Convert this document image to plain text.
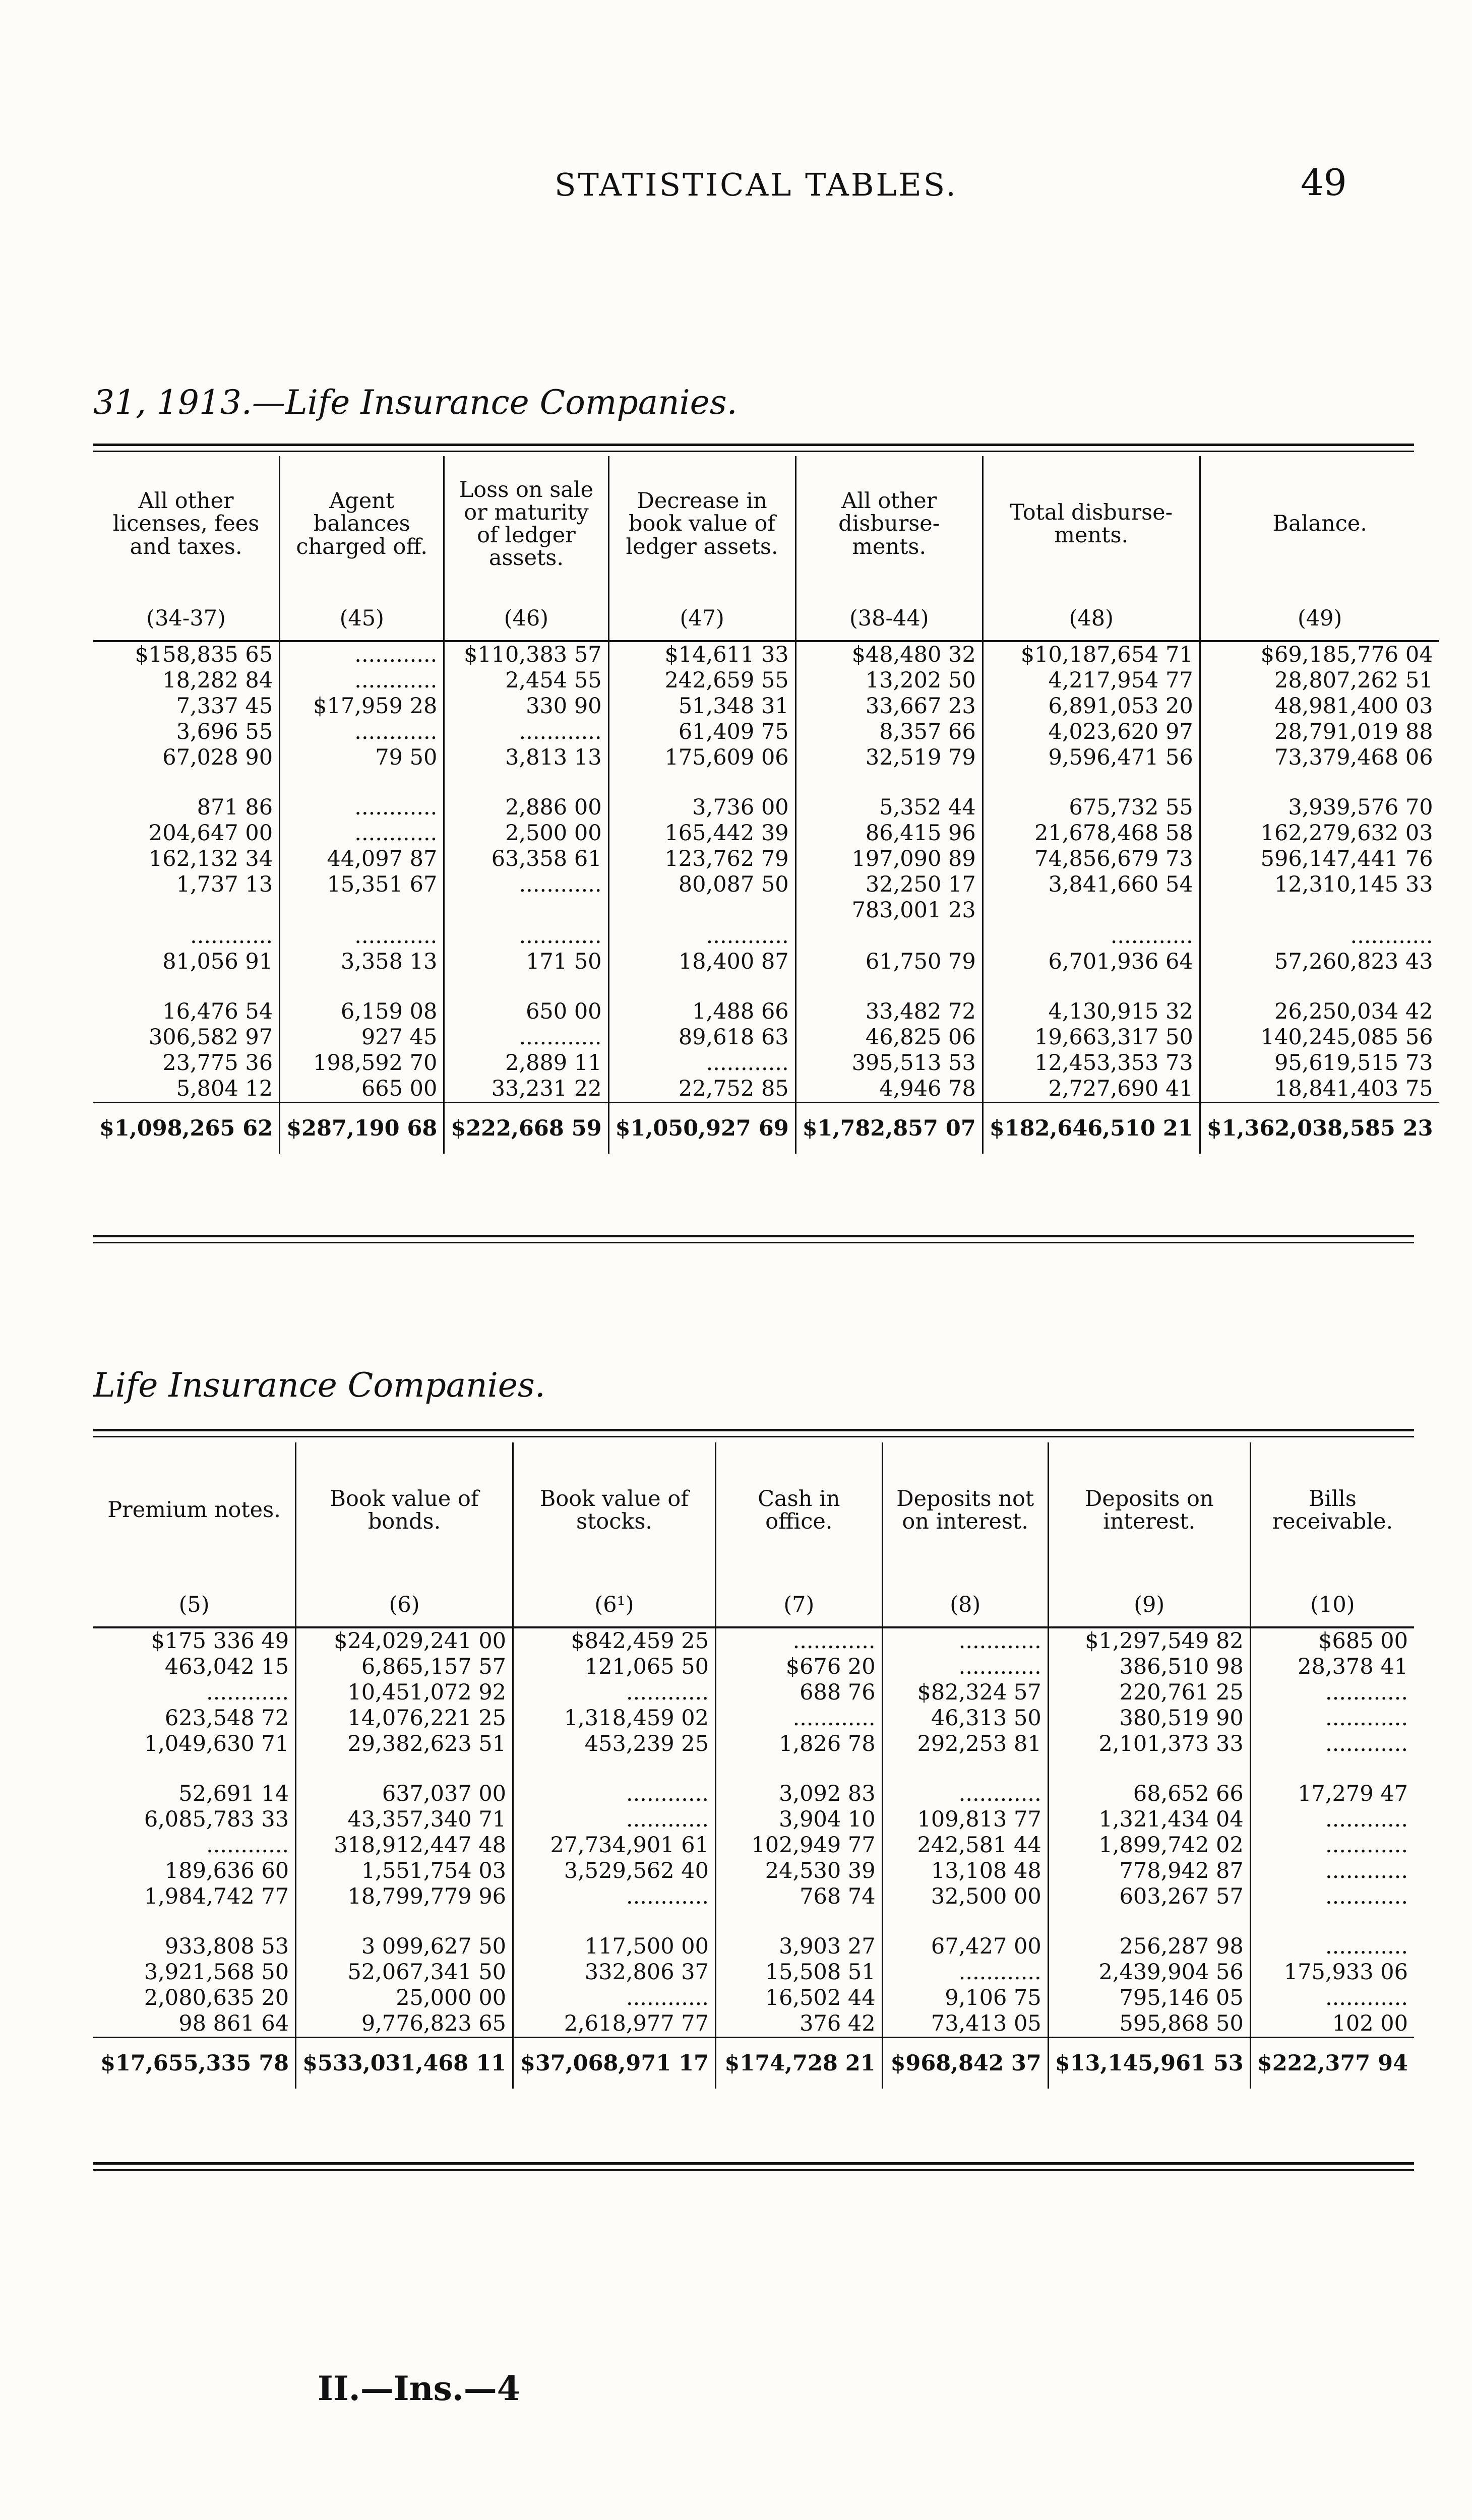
STATISTICAL TABLES.	49
31, 1913.—Life Insurance Companies.
All other licenses, fees and taxes.	Agent balances charged off.	Loss on sale or maturity of ledger assets.	Decrease in book value of ledger assets.	All other disburse-ments.	Total disburse-ments.	Balance.
(34-37)	(45)	(46)	(47)	(38-44)	(48)	(49)
$158,835 65	............	$110,383 57	$14,611 33	$48,480 32	$10,187,654 71	$69,185,776 04
18,282 84	............	2,454 55	242,659 55	13,202 50	4,217,954 77	28,807,262 51
7,337 45	$17,959 28	330 90	51,348 31	33,667 23	6,891,053 20	48,981,400 03
3,696 55	............	............	61,409 75	8,357 66	4,023,620 97	28,791,019 88
67,028 90	79 50	3,813 13	175,609 06	32,519 79	9,596,471 56	73,379,468 06

871 86	............	2,886 00	3,736 00	5,352 44	675,732 55	3,939,576 70
204,647 00	............	2,500 00	165,442 39	86,415 96	21,678,468 58	162,279,632 03
162,132 34	44,097 87	63,358 61	123,762 79	197,090 89	74,856,679 73	596,147,441 76
1,737 13	15,351 67	............	80,087 50	32,250 17	3,841,660 54	12,310,145 33
				783,001 23		
............	............	............	............		............	............
81,056 91	3,358 13	171 50	18,400 87	61,750 79	6,701,936 64	57,260,823 43

16,476 54	6,159 08	650 00	1,488 66	33,482 72	4,130,915 32	26,250,034 42
306,582 97	927 45	............	89,618 63	46,825 06	19,663,317 50	140,245,085 56
23,775 36	198,592 70	2,889 11	............	395,513 53	12,453,353 73	95,619,515 73
5,804 12	665 00	33,231 22	22,752 85	4,946 78	2,727,690 41	18,841,403 75
$1,098,265 62	$287,190 68	$222,668 59	$1,050,927 69	$1,782,857 07	$182,646,510 21	$1,362,038,585 23
Life Insurance Companies.
Premium notes.	Book value of bonds.	Book value of stocks.	Cash in office.	Deposits not on interest.	Deposits on interest.	Bills receivable.
(5)	(6)	(6¹)	(7)	(8)	(9)	(10)
$175 336 49	$24,029,241 00	$842,459 25	............	............	$1,297,549 82	$685 00
463,042 15	6,865,157 57	121,065 50	$676 20	............	386,510 98	28,378 41
............	10,451,072 92	............	688 76	$82,324 57	220,761 25	............
623,548 72	14,076,221 25	1,318,459 02	............	46,313 50	380,519 90	............
1,049,630 71	29,382,623 51	453,239 25	1,826 78	292,253 81	2,101,373 33	............

52,691 14	637,037 00	............	3,092 83	............	68,652 66	17,279 47
6,085,783 33	43,357,340 71	............	3,904 10	109,813 77	1,321,434 04	............
............	318,912,447 48	27,734,901 61	102,949 77	242,581 44	1,899,742 02	............
189,636 60	1,551,754 03	3,529,562 40	24,530 39	13,108 48	778,942 87	............
1,984,742 77	18,799,779 96	............	768 74	32,500 00	603,267 57	............

933,808 53	3 099,627 50	117,500 00	3,903 27	67,427 00	256,287 98	............
3,921,568 50	52,067,341 50	332,806 37	15,508 51	............	2,439,904 56	175,933 06
2,080,635 20	25,000 00	............	16,502 44	9,106 75	795,146 05	............
98 861 64	9,776,823 65	2,618,977 77	376 42	73,413 05	595,868 50	102 00
$17,655,335 78	$533,031,468 11	$37,068,971 17	$174,728 21	$968,842 37	$13,145,961 53	$222,377 94
II.—Ins.—4
